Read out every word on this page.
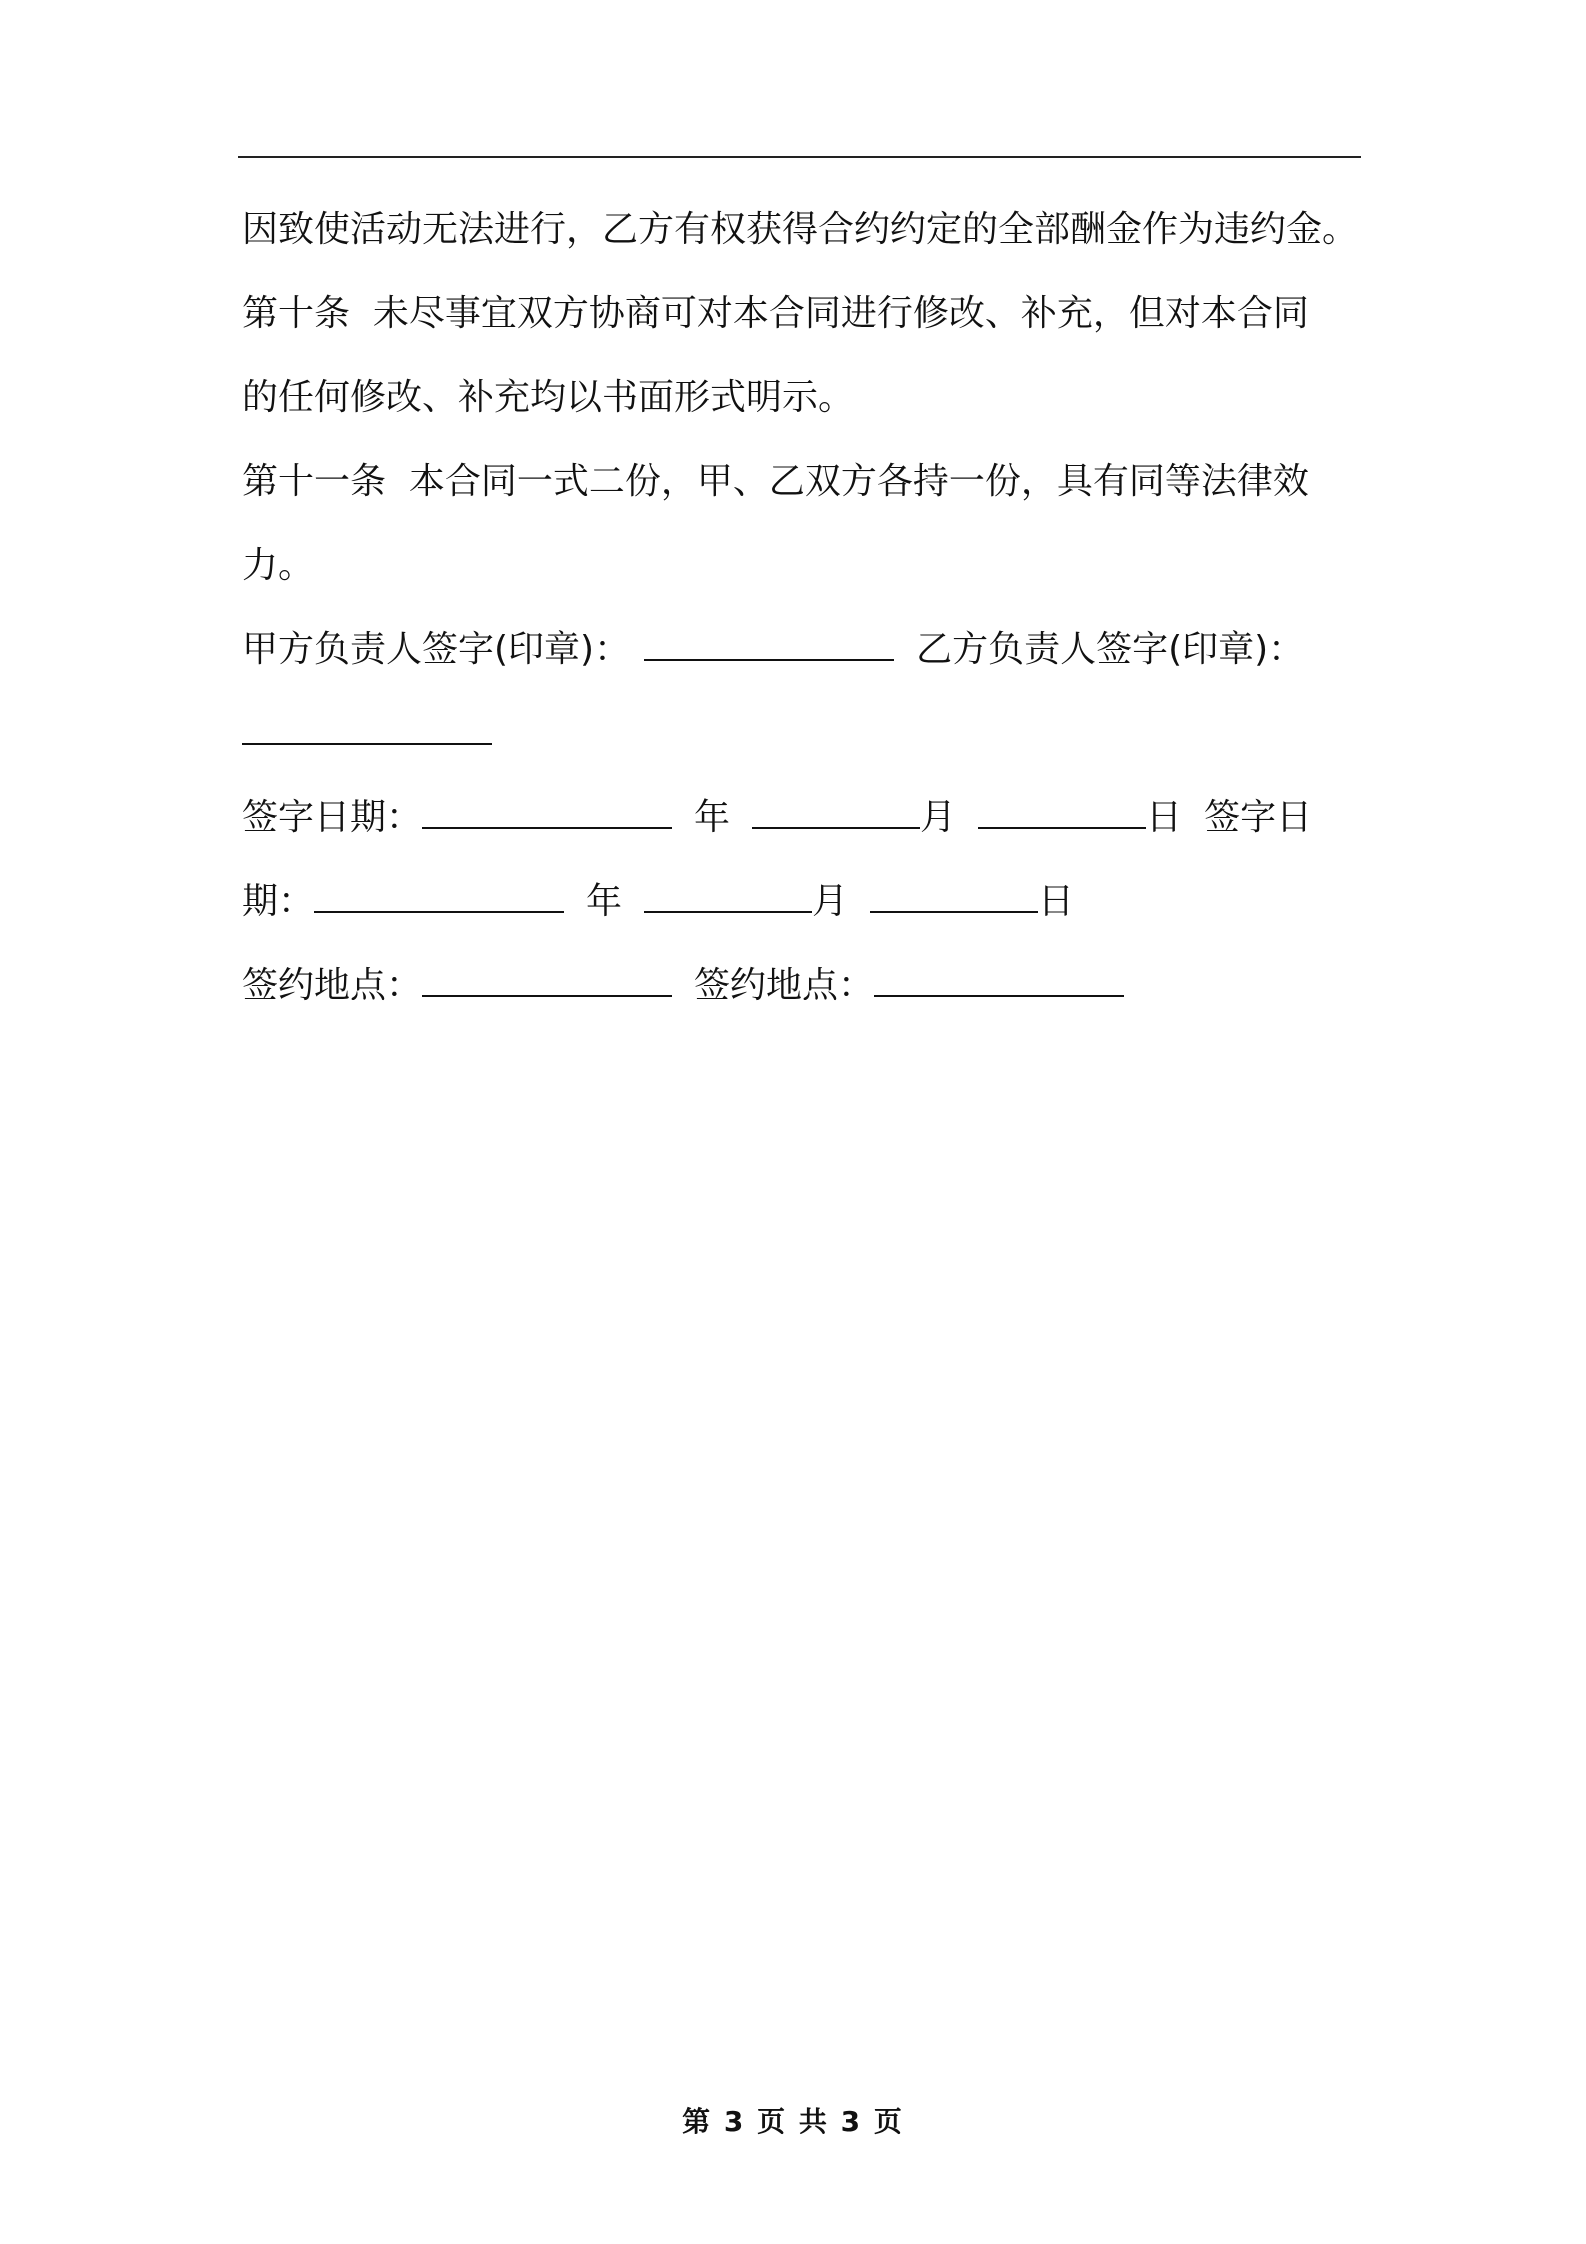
因致使活动无法进行，乙方有权获得合约约定的全部酬金作为违约金。
第十条  未尽事宜双方协商可对本合同进行修改、补充，但对本合同
的任何修改、补充均以书面形式明示。
第十一条  本合同一式二份，甲、乙双方各持一份，具有同等法律效
力。
甲方负责人签字(印章)：	乙方负责人签字(印章)：
签字日期：	年	月	日 签字日
期：	年	月	日
签约地点：	签约地点：
第 3 页 共 3 页
